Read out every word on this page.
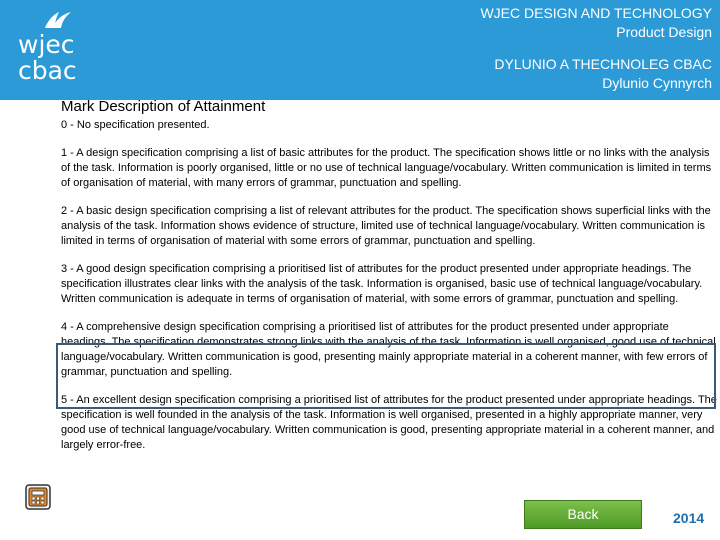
wjec
cbac
WJEC DESIGN AND TECHNOLOGY
Product Design
DYLUNIO A THECHNOLEG CBAC
Dylunio Cynnyrch
Mark Description of Attainment

0 - No specification presented.

1 - A design specification comprising a list of basic attributes for the product. The specification shows little or no links with the analysis of the task. Information is poorly organised, little or no use of technical language/vocabulary. Written communication is limited in terms of organisation of material, with many errors of grammar, punctuation and spelling.

2 - A basic design specification comprising a list of relevant attributes for the product. The specification shows superficial links with the analysis of the task. Information shows evidence of structure, limited use of technical language/vocabulary. Written communication is limited in terms of organisation of material with some errors of grammar, punctuation and spelling.

3 - A good design specification comprising a prioritised list of attributes for the product presented under appropriate headings. The specification illustrates clear links with the analysis of the task. Information is organised, basic use of technical language/vocabulary. Written communication is adequate in terms of organisation of material, with some errors of grammar, punctuation and spelling.

4 - A comprehensive design specification comprising a prioritised list of attributes for the product presented under appropriate headings. The specification demonstrates strong links with the analysis of the task. Information is well organised, good use of technical language/vocabulary. Written communication is good, presenting mainly appropriate material in a coherent manner, with few errors of grammar, punctuation and spelling.

5 - An excellent design specification comprising a prioritised list of attributes for the product presented under appropriate headings. The specification is well founded in the analysis of the task. Information is well organised, presented in a highly appropriate manner, very good use of technical language/vocabulary. Written communication is good, presenting appropriate material in a coherent manner, and largely error-free.

Back	2014
